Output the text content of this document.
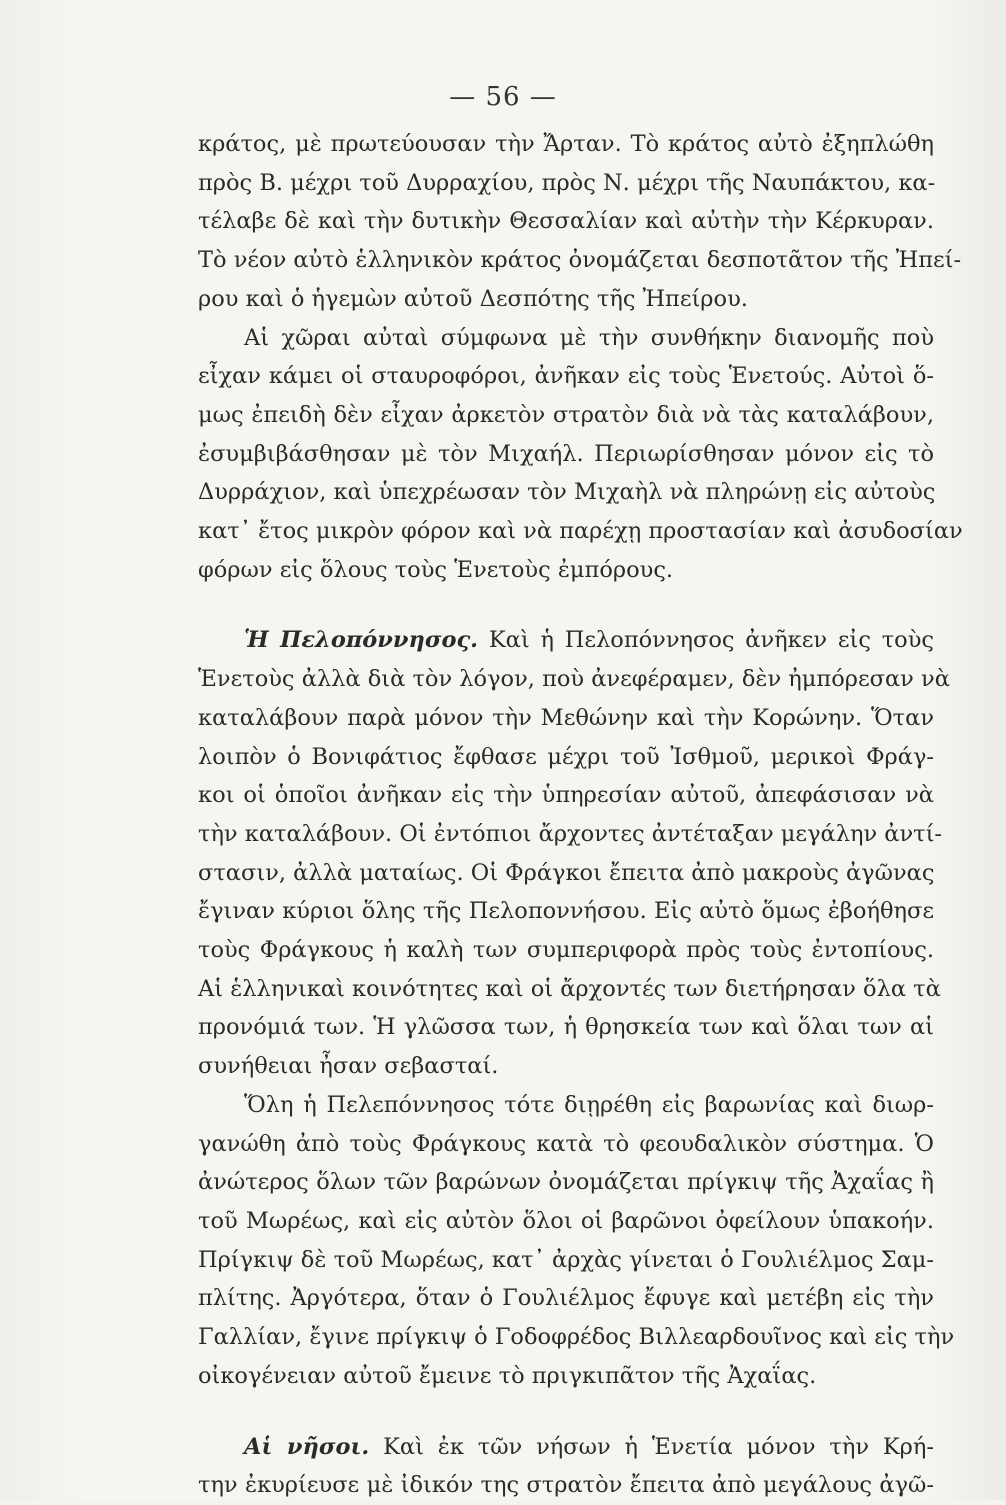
— 56 —
κράτος, μὲ πρωτεύουσαν τὴν Ἄρταν. Τὸ κράτος αὐτὸ ἐξηπλώθη
πρὸς Β. μέχρι τοῦ Δυρραχίου, πρὸς Ν. μέχρι τῆς Ναυπάκτου, κα-
τέλαβε δὲ καὶ τὴν δυτικὴν Θεσσαλίαν καὶ αὐτὴν τὴν Κέρκυραν.
Τὸ νέον αὐτὸ ἑλληνικὸν κράτος ὀνομάζεται δεσποτᾶτον τῆς Ἠπεί-
ρου καὶ ὁ ἡγεμὼν αὐτοῦ Δεσπότης τῆς Ἠπείρου.
Αἱ χῶραι αὐταὶ σύμφωνα μὲ τὴν συνθήκην διανομῆς ποὺ
εἶχαν κάμει οἱ σταυροφόροι, ἀνῆκαν εἰς τοὺς Ἑνετούς. Αὐτοὶ ὅ-
μως ἐπειδὴ δὲν εἶχαν ἀρκετὸν στρατὸν διὰ νὰ τὰς καταλάβουν,
ἐσυμβιβάσθησαν μὲ τὸν Μιχαήλ. Περιωρίσθησαν μόνον εἰς τὸ
Δυρράχιον, καὶ ὑπεχρέωσαν τὸν Μιχαὴλ νὰ πληρώνῃ εἰς αὐτοὺς
κατ᾽ ἔτος μικρὸν φόρον καὶ νὰ παρέχῃ προστασίαν καὶ ἀσυδοσίαν
φόρων εἰς ὅλους τοὺς Ἑνετοὺς ἐμπόρους.
Ἡ Πελοπόννησος. Καὶ ἡ Πελοπόννησος ἀνῆκεν εἰς τοὺς
Ἑνετοὺς ἀλλὰ διὰ τὸν λόγον, ποὺ ἀνεφέραμεν, δὲν ἠμπόρεσαν νὰ
καταλάβουν παρὰ μόνον τὴν Μεθώνην καὶ τὴν Κορώνην. Ὅταν
λοιπὸν ὁ Βονιφάτιος ἔφθασε μέχρι τοῦ Ἰσθμοῦ, μερικοὶ Φράγ-
κοι οἱ ὁποῖοι ἀνῆκαν εἰς τὴν ὑπηρεσίαν αὐτοῦ, ἀπεφάσισαν νὰ
τὴν καταλάβουν. Οἱ ἐντόπιοι ἄρχοντες ἀντέταξαν μεγάλην ἀντί-
στασιν, ἀλλὰ ματαίως. Οἱ Φράγκοι ἔπειτα ἀπὸ μακροὺς ἀγῶνας
ἔγιναν κύριοι ὅλης τῆς Πελοποννήσου. Εἰς αὐτὸ ὅμως ἐβοήθησε
τοὺς Φράγκους ἡ καλὴ των συμπεριφορὰ πρὸς τοὺς ἐντοπίους.
Αἱ ἑλληνικαὶ κοινότητες καὶ οἱ ἄρχοντές των διετήρησαν ὅλα τὰ
προνόμιά των. Ἡ γλῶσσα των, ἡ θρησκεία των καὶ ὅλαι των αἱ
συνήθειαι ἦσαν σεβασταί.
Ὅλη ἡ Πελεπόννησος τότε διῃρέθη εἰς βαρωνίας καὶ διωρ-
γανώθη ἀπὸ τοὺς Φράγκους κατὰ τὸ φεουδαλικὸν σύστημα. Ὁ
ἀνώτερος ὅλων τῶν βαρώνων ὀνομάζεται πρίγκιψ τῆς Ἀχαΐας ἢ
τοῦ Μωρέως, καὶ εἰς αὐτὸν ὅλοι οἱ βαρῶνοι ὀφείλουν ὑπακοήν.
Πρίγκιψ δὲ τοῦ Μωρέως, κατ᾽ ἀρχὰς γίνεται ὁ Γουλιέλμος Σαμ-
πλίτης. Ἀργότερα, ὅταν ὁ Γουλιέλμος ἔφυγε καὶ μετέβη εἰς τὴν
Γαλλίαν, ἔγινε πρίγκιψ ὁ Γοδοφρέδος Βιλλεαρδουῖνος καὶ εἰς τὴν
οἰκογένειαν αὐτοῦ ἔμεινε τὸ πριγκιπᾶτον τῆς Ἀχαΐας.
Αἱ νῆσοι. Καὶ ἐκ τῶν νήσων ἡ Ἑνετία μόνον τὴν Κρή-
την ἐκυρίευσε μὲ ἰδικόν της στρατὸν ἔπειτα ἀπὸ μεγάλους ἀγῶ-
